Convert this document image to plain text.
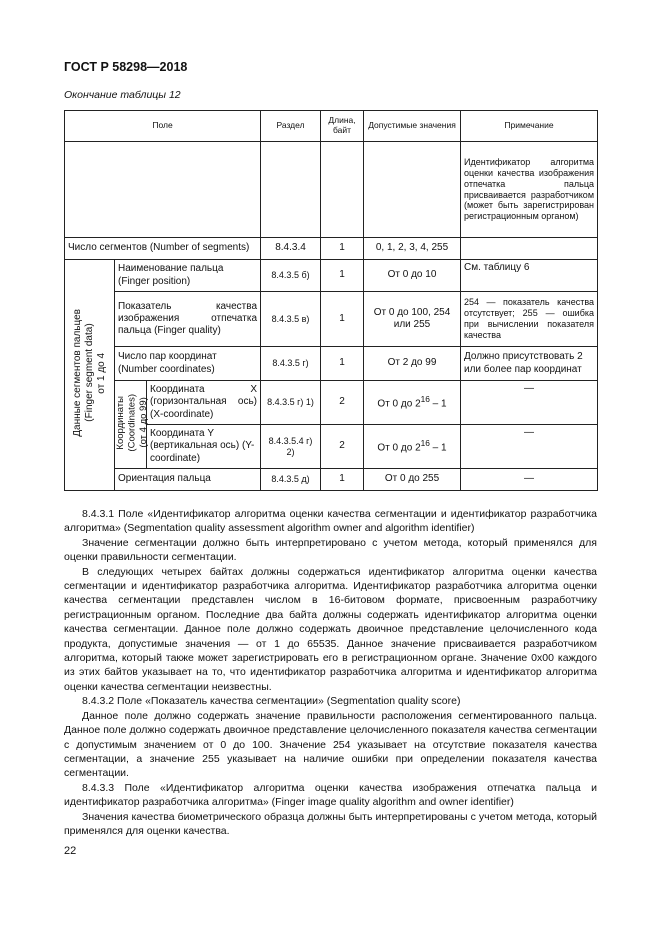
ГОСТ Р 58298—2018
Окончание таблицы 12
Поле			Раздел	Длина, байт	Допустимые значения	Примечание
						Идентификатор алгоритма оценки качества изображения отпечатка пальца присваивается разработчиком (может быть зарегистрирован регистрационным органом)
Число сегментов (Number of segments)			8.4.3.4	1	0, 1, 2, 3, 4, 255	

Данные сегментов пальцев (Finger segment data) от 1 до 4	Наименование пальца (Finger position)		8.4.3.5 б)	1	От 0 до 10	См. таблицу 6
	Показатель качества изображения отпечатка пальца (Finger quality)		8.4.3.5 в)	1	От 0 до 100, 254 или 255	254 — показатель качества отсутствует; 255 — ошибка при вычислении показателя качества
	Число пар координат (Number coordinates)		8.4.3.5 г)	1	От 2 до 99	Должно присутствовать 2 или более пар координат

	Координаты (Coordinates) (от 4 до 99)	Координата X (горизонтальная ось) (X-coordinate)	8.4.3.5 г) 1)	2	От 0 до $2^{16} - 1$	—
		Координата Y (вертикальная ось) (Y-coordinate)	8.4.3.5.4 г) 2)	2	От 0 до $2^{16} - 1$	—
	Ориентация пальца		8.4.3.5 д)	1	От 0 до 255	—

8.4.3.1 Поле «Идентификатор алгоритма оценки качества сегментации и идентификатор разработчика алгоритма» (Segmentation quality assessment algorithm owner and algorithm identifier)

Значение сегментации должно быть интерпретировано с учетом метода, который применялся для оценки правильности сегментации.

В следующих четырех байтах должны содержаться идентификатор алгоритма оценки качества сегментации и идентификатор разработчика алгоритма. Идентификатор разработчика алгоритма оценки качества сегментации представлен числом в 16-битовом формате, присвоенным разработчику регистрационным органом. Последние два байта должны содержать идентификатор алгоритма оценки качества сегментации. Данное поле должно содержать двоичное представление целочисленного кода продукта, допустимые значения — от 1 до 65535. Данное значение присваивается разработчиком алгоритма, который также может зарегистрировать его в регистрационном органе. Значение 0х00 каждого из этих байтов указывает на то, что идентификатор разработчика алгоритма и идентификатор алгоритма оценки качества сегментации неизвестны.

8.4.3.2 Поле «Показатель качества сегментации» (Segmentation quality score)

Данное поле должно содержать значение правильности расположения сегментированного пальца. Данное поле должно содержать двоичное представление целочисленного показателя качества сегментации с допустимым значением от 0 до 100. Значение 254 указывает на отсутствие показателя качества сегментации, а значение 255 указывает на наличие ошибки при определении показателя качества сегментации.

8.4.3.3 Поле «Идентификатор алгоритма оценки качества изображения отпечатка пальца и идентификатор разработчика алгоритма» (Finger image quality algorithm and owner identifier)

Значения качества биометрического образца должны быть интерпретированы с учетом метода, который применялся для оценки качества.

22
